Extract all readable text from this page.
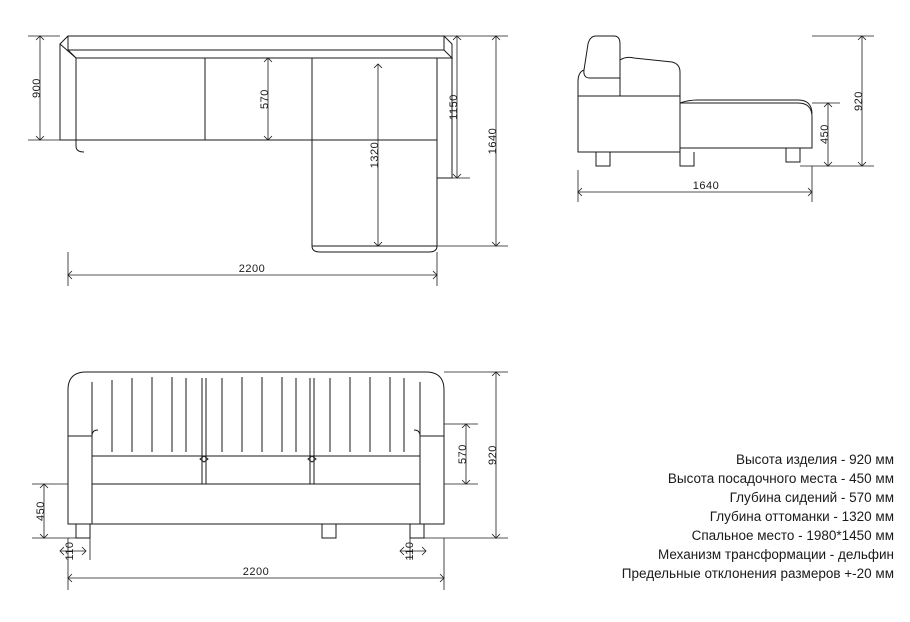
900
570
1320
1150
1640
2200
920
450
1640
450
570 920
110	110
2200
Высота изделия - 920 мм
Высота посадочного места - 450 мм
Глубина сидений - 570 мм
Глубина оттоманки - 1320 мм
Спальное место - 1980*1450 мм
Механизм трансформации - дельфин
Предельные отклонения размеров +-20 мм
